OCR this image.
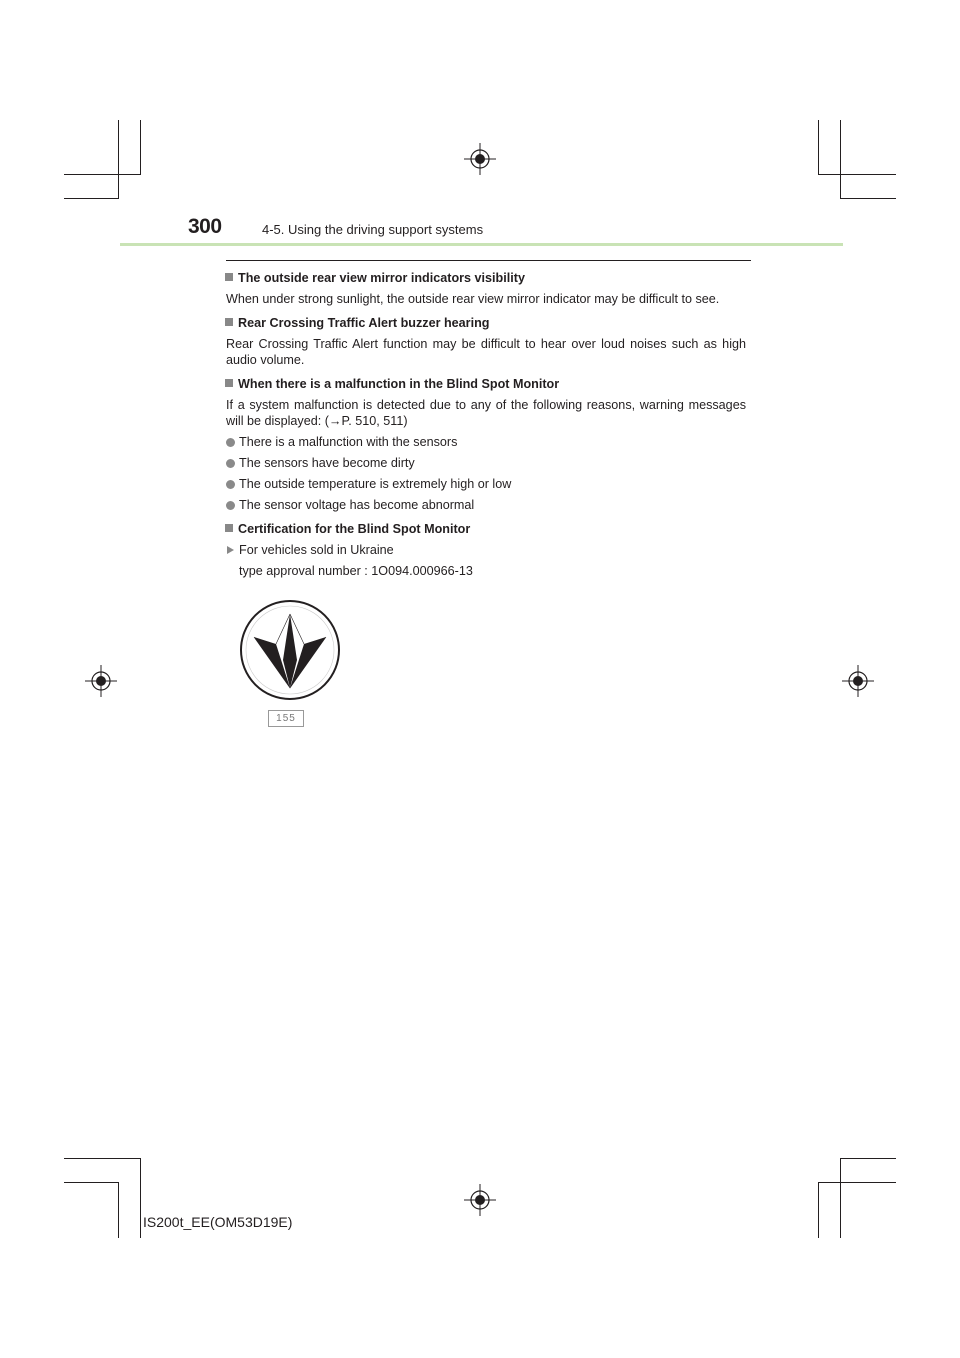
300	4-5. Using the driving support systems
The outside rear view mirror indicators visibility

When under strong sunlight, the outside rear view mirror indicator may be difficult to see.

Rear Crossing Traffic Alert buzzer hearing

Rear Crossing Traffic Alert function may be difficult to hear over loud noises such as high audio volume.

When there is a malfunction in the Blind Spot Monitor

If a system malfunction is detected due to any of the following reasons, warning messages will be displayed: (→P. 510, 511)

There is a malfunction with the sensors
The sensors have become dirty
The outside temperature is extremely high or low
The sensor voltage has become abnormal
Certification for the Blind Spot Monitor
For vehicles sold in Ukraine
type approval number : 1O094.000966-13
155
IS200t_EE(OM53D19E)
